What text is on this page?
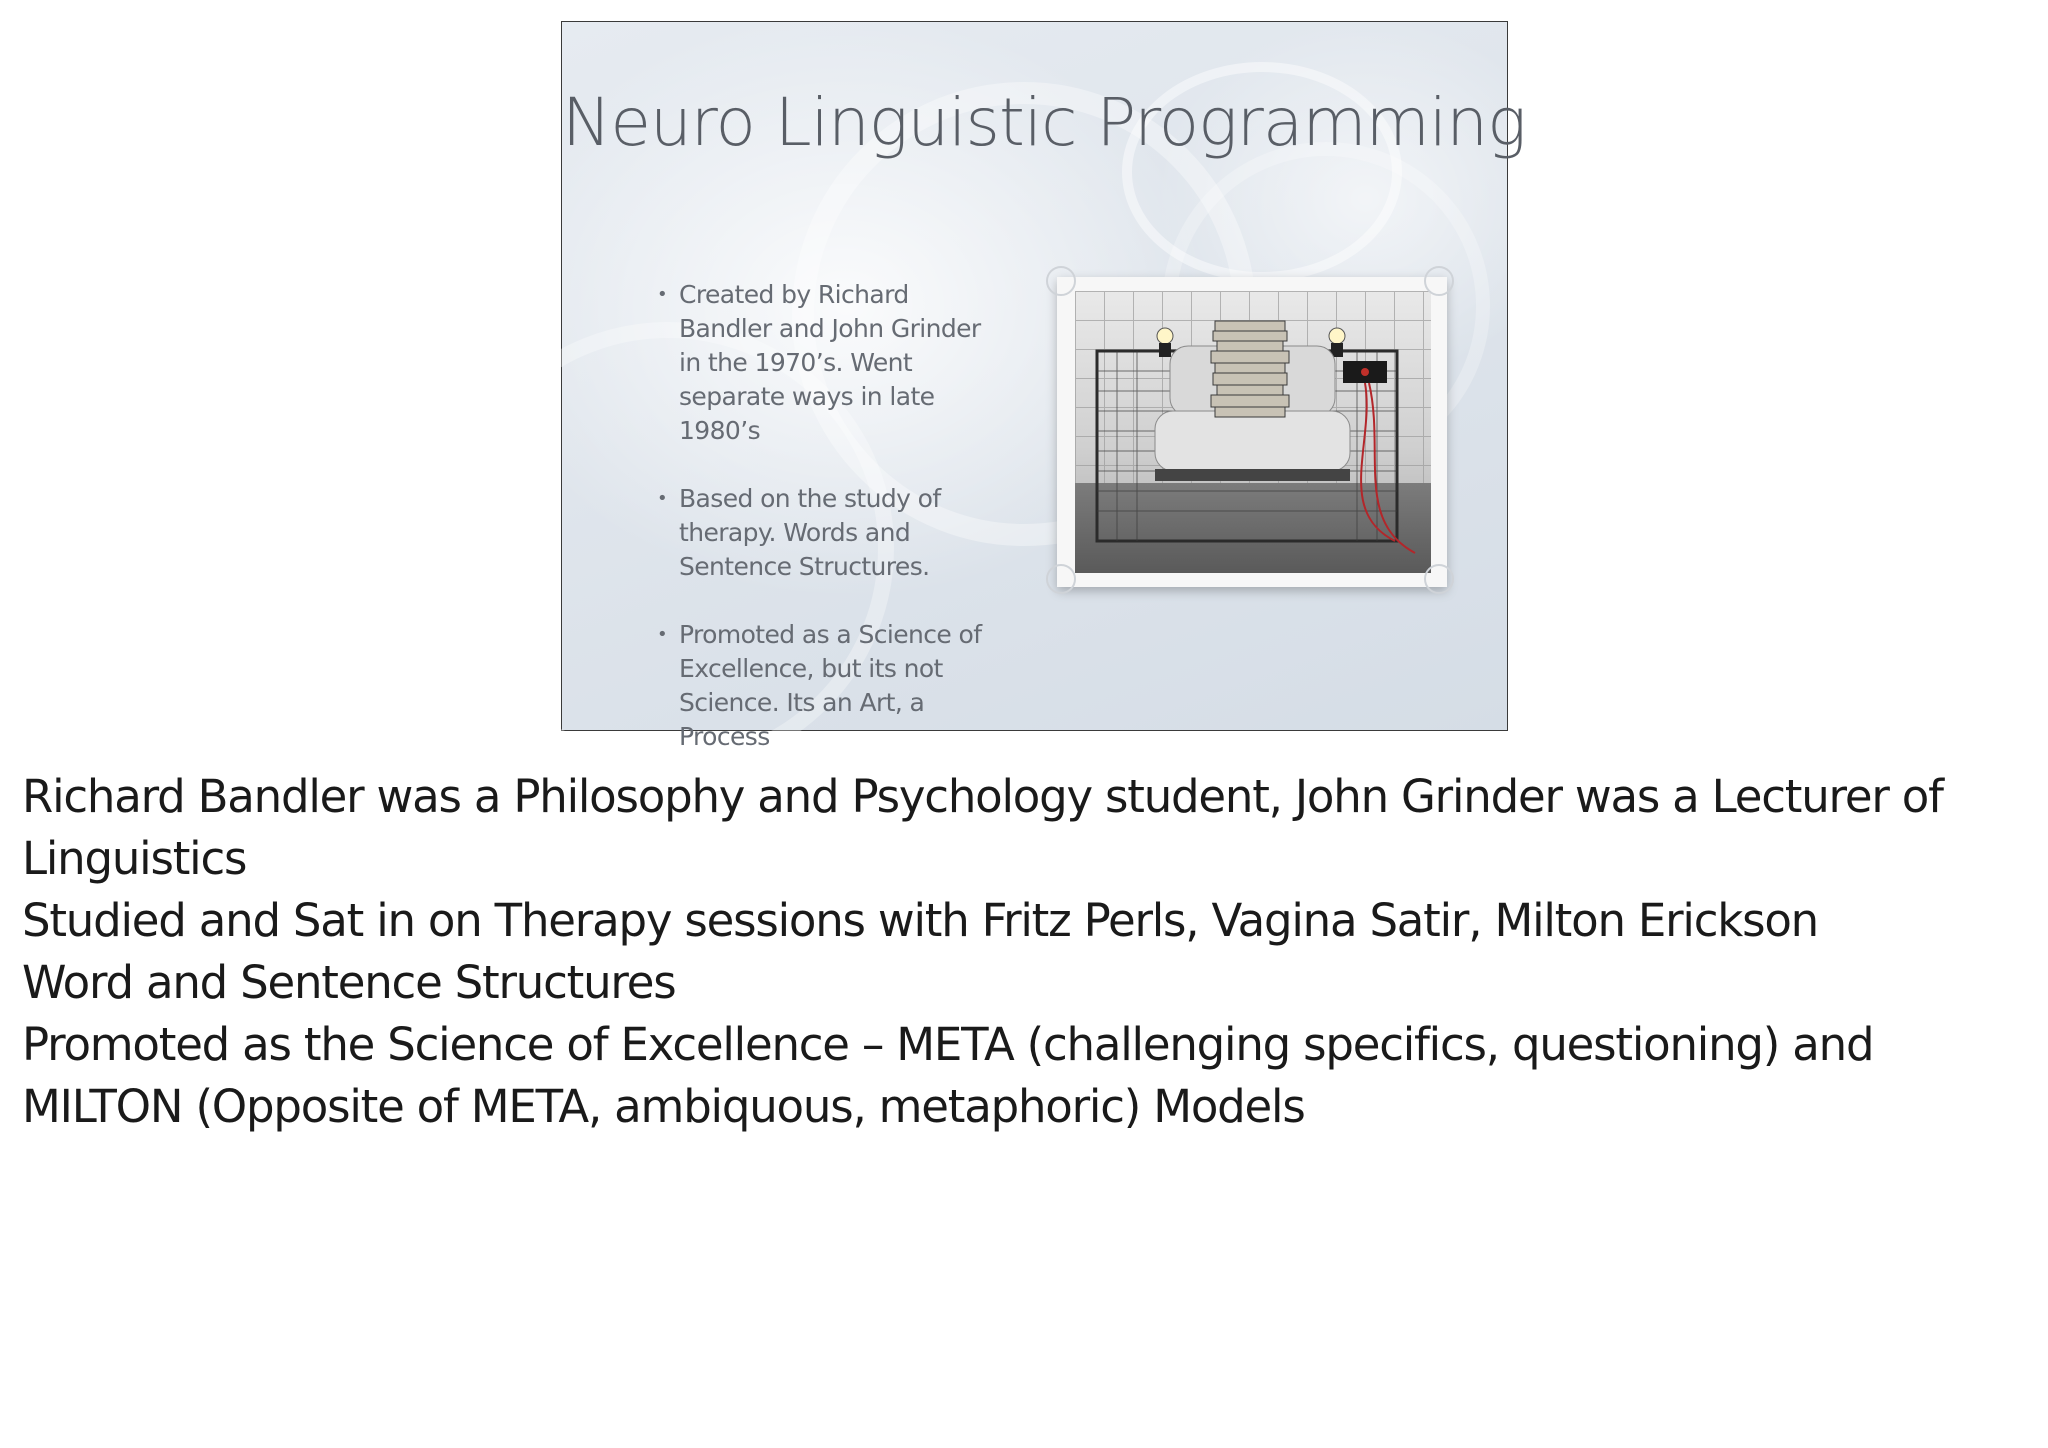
Neuro Linguistic Programming
• Created by Richard Bandler and John Grinder in the 1970’s. Went separate ways in late 1980’s
• Based on the study of therapy. Words and Sentence Structures.
• Promoted as a Science of Excellence, but its not Science. Its an Art, a Process

Richard Bandler was a Philosophy and Psychology student, John Grinder was a Lecturer of Linguistics

Studied and Sat in on Therapy sessions with Fritz Perls, Vagina Satir, Milton Erickson

Word and Sentence Structures

Promoted as the Science of Excellence – META (challenging specifics, questioning) and MILTON (Opposite of META, ambiquous, metaphoric) Models
